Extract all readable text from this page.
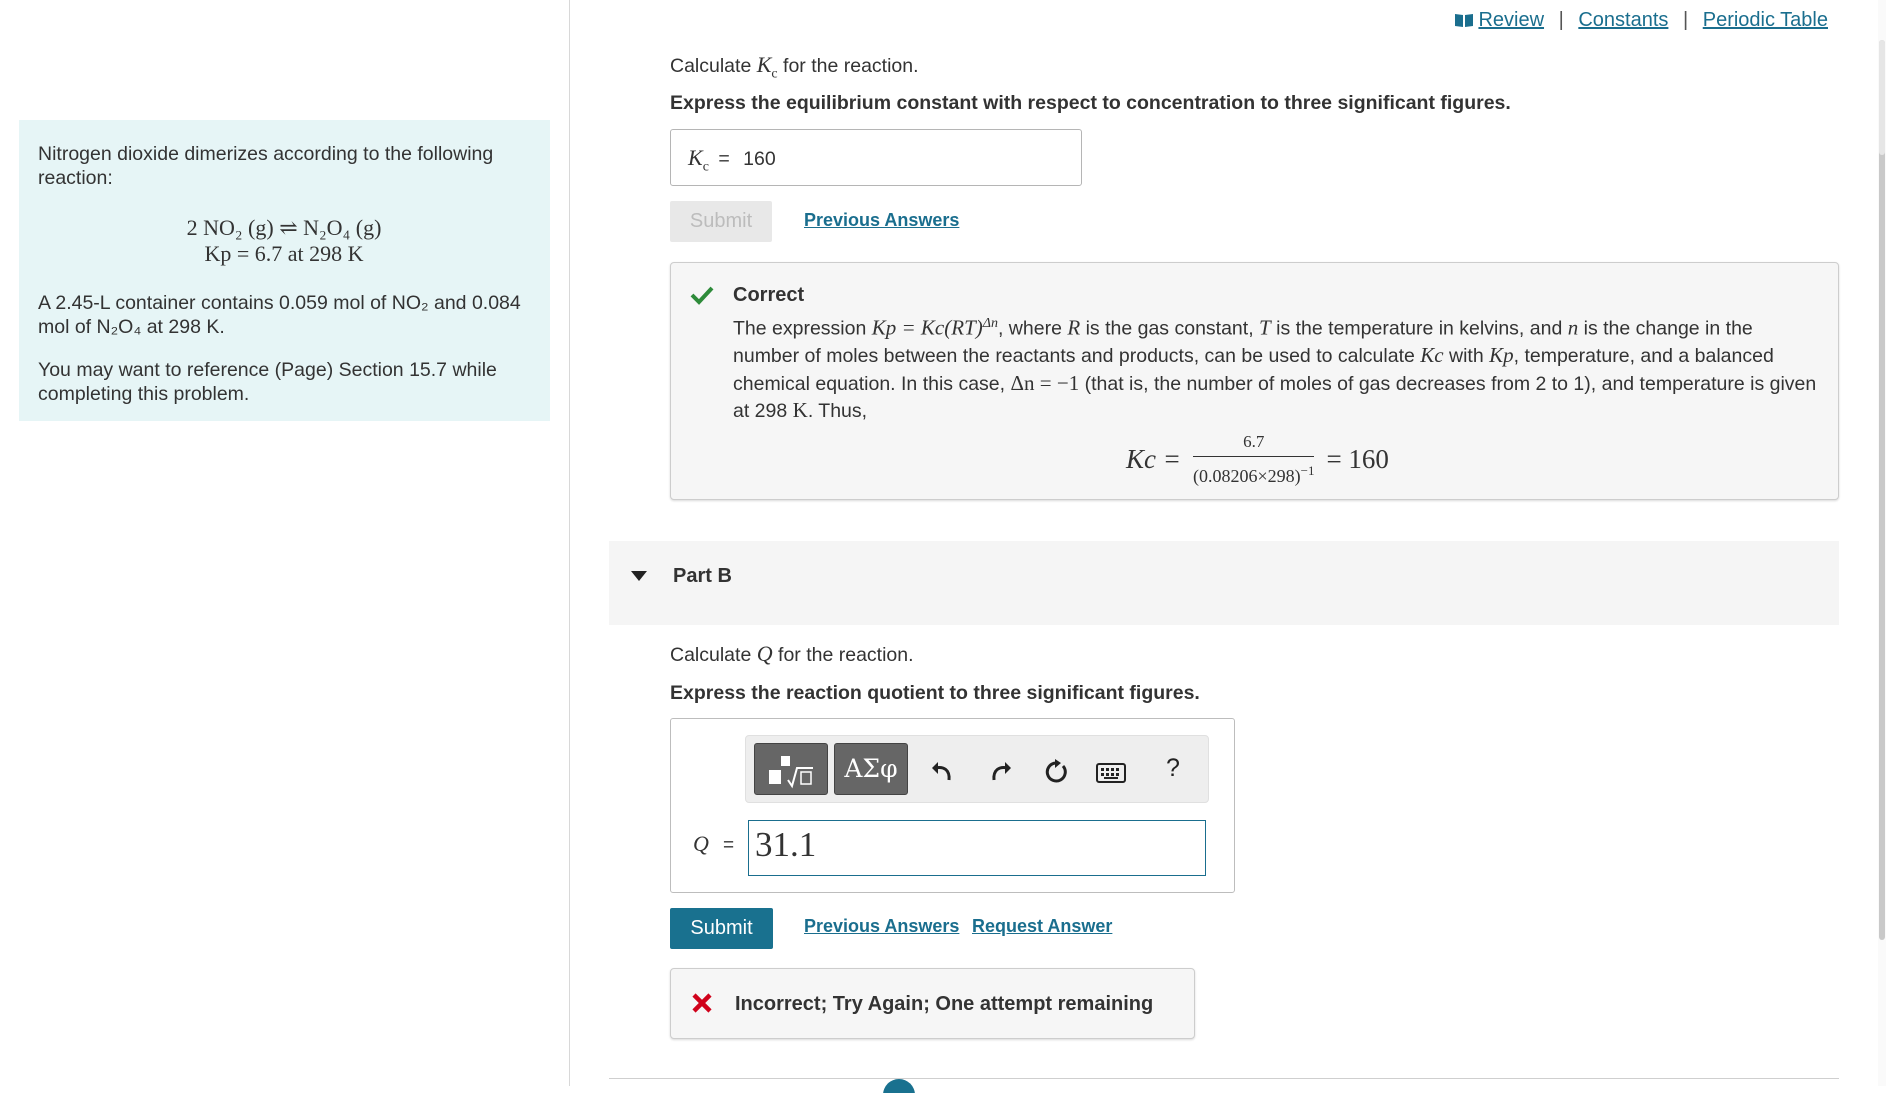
Nitrogen dioxide dimerizes according to the following reaction:

2 NO₂ (g) ⇌ N₂O₄ (g)
Kp = 6.7 at 298 K

A 2.45-L container contains 0.059 mol of NO₂ and 0.084 mol of N₂O₄ at 298 K.

You may want to reference (Page) Section 15.7 while completing this problem.

Review | Constants | Periodic Table
Calculate $K_c$ for the reaction.
Express the equilibrium constant with respect to concentration to three significant figures.
$K_c = 160$
Submit	Previous Answers
Correct
The expression Kp = Kc(RT)$^{\Delta n}$, where R is the gas constant, T is the temperature in kelvins, and n is the change in the number of moles between the reactants and products, can be used to calculate Kc with Kp, temperature, and a balanced chemical equation. In this case, Δn = −1 (that is, the number of moles of gas decreases from 2 to 1), and temperature is given at 298 K. Thus,
$Kc = \frac{6.7}{(0.08206\times 298)^{-1}} = 160$
Part B
Calculate Q for the reaction.
Express the reaction quotient to three significant figures.
ΑΣφ	?
Q = 31.1
Submit	Previous Answers Request Answer
Incorrect; Try Again; One attempt remaining
